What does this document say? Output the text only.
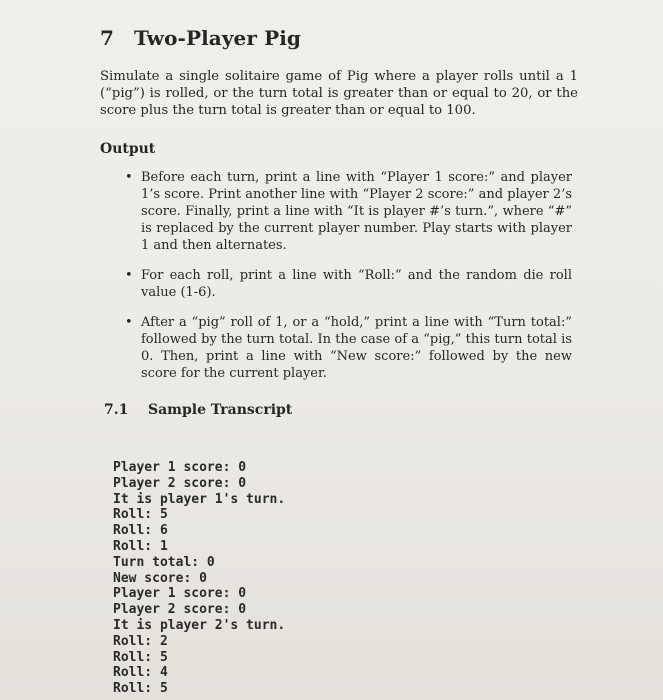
7 Two-Player Pig

Simulate a single solitaire game of Pig where a player rolls until a 1 (“pig”) is rolled, or the turn total is greater than or equal to 20, or the score plus the turn total is greater than or equal to 100.

Output
• Before each turn, print a line with “Player 1 score:” and player 1’s score. Print another line with “Player 2 score:” and player 2’s score. Finally, print a line with “It is player #’s turn.”, where “#” is replaced by the current player number. Play starts with player 1 and then alternates.
• For each roll, print a line with “Roll:” and the random die roll value (1-6).
• After a “pig” roll of 1, or a “hold,” print a line with “Turn total:” followed by the turn total. In the case of a “pig,” this turn total is 0. Then, print a line with “New score:” followed by the new score for the current player.
7.1 Sample Transcript
Player 1 score: 0
Player 2 score: 0
It is player 1's turn.
Roll: 5
Roll: 6
Roll: 1
Turn total: 0
New score: 0
Player 1 score: 0
Player 2 score: 0
It is player 2's turn.
Roll: 2
Roll: 5
Roll: 4
Roll: 5
